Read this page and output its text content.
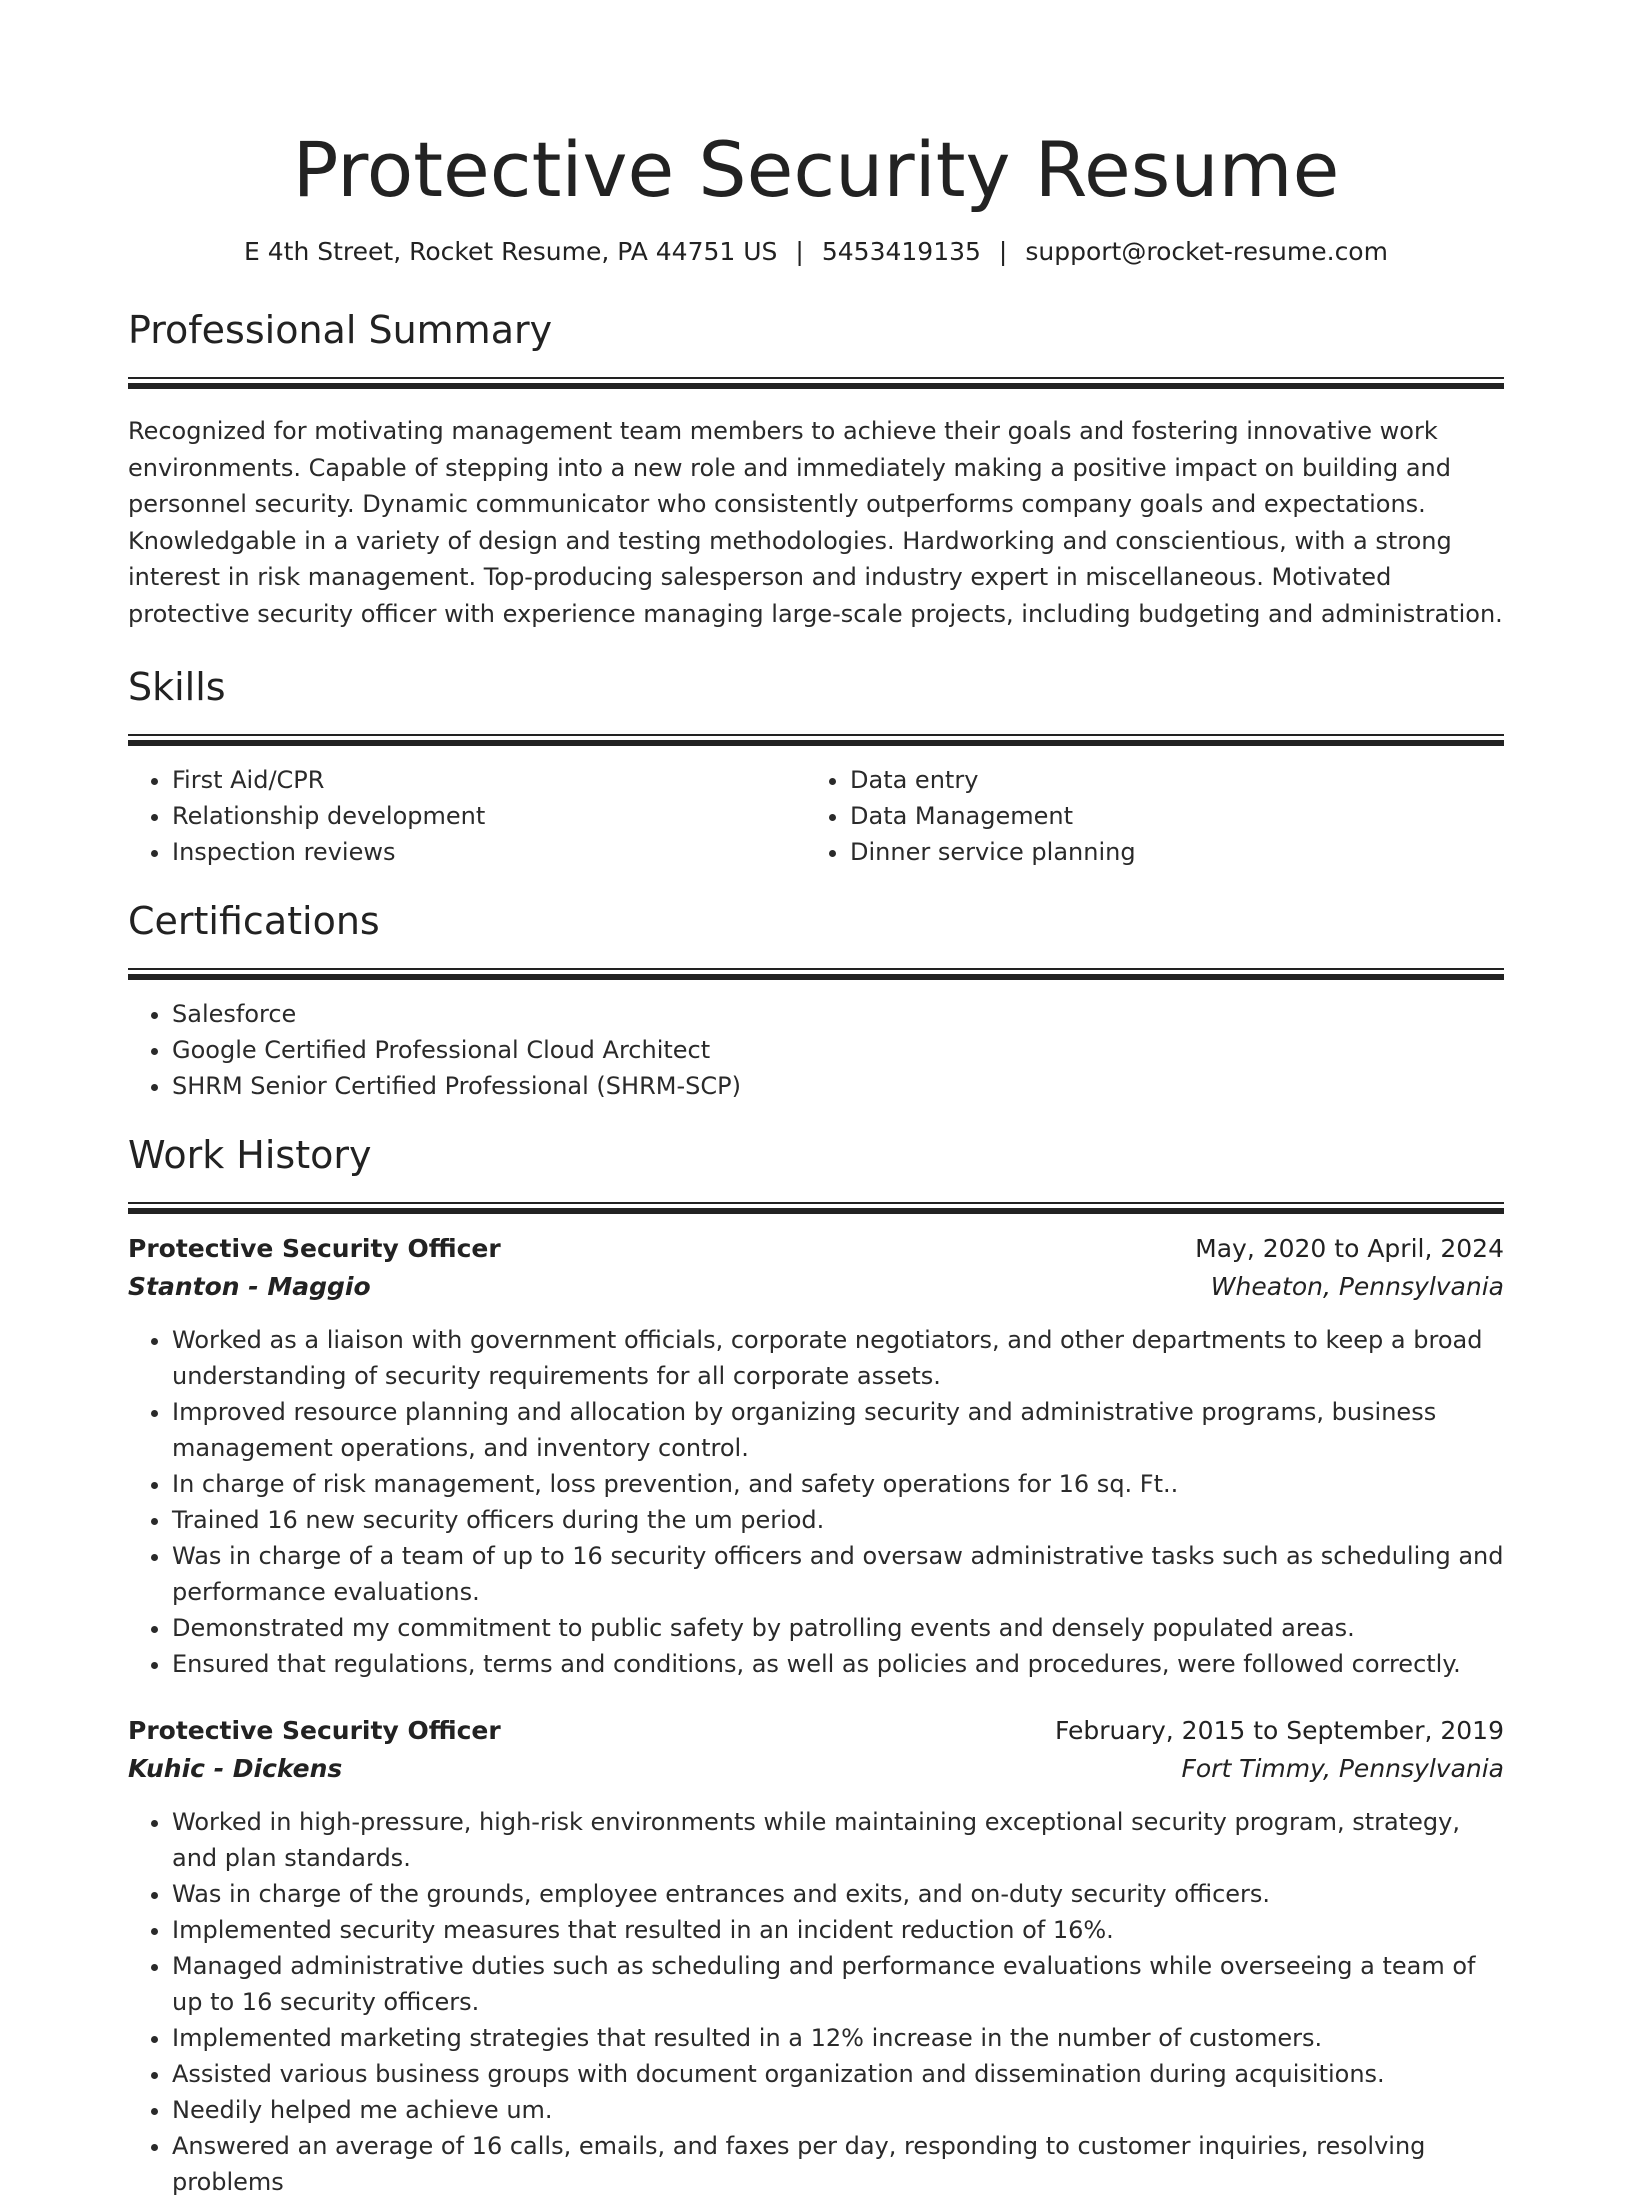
Protective Security Resume
E 4th Street, Rocket Resume, PA 44751 US | 5453419135 | support@rocket-resume.com
Professional Summary

Recognized for motivating management team members to achieve their goals and fostering innovative work environments. Capable of stepping into a new role and immediately making a positive impact on building and personnel security. Dynamic communicator who consistently outperforms company goals and expectations. Knowledgable in a variety of design and testing methodologies. Hardworking and conscientious, with a strong interest in risk management. Top-producing salesperson and industry expert in miscellaneous. Motivated protective security officer with experience managing large-scale projects, including budgeting and administration.

Skills
• First Aid/CPR
• Relationship development
• Inspection reviews
• Data entry
• Data Management
• Dinner service planning
Certifications
• Salesforce
• Google Certified Professional Cloud Architect
• SHRM Senior Certified Professional (SHRM-SCP)
Work History
Protective Security Officer	May, 2020 to April, 2024
Stanton - Maggio	Wheaton, Pennsylvania
• Worked as a liaison with government officials, corporate negotiators, and other departments to keep a broad understanding of security requirements for all corporate assets.
• Improved resource planning and allocation by organizing security and administrative programs, business management operations, and inventory control.
• In charge of risk management, loss prevention, and safety operations for 16 sq. Ft..
• Trained 16 new security officers during the um period.
• Was in charge of a team of up to 16 security officers and oversaw administrative tasks such as scheduling and performance evaluations.
• Demonstrated my commitment to public safety by patrolling events and densely populated areas.
• Ensured that regulations, terms and conditions, as well as policies and procedures, were followed correctly.
Protective Security Officer	February, 2015 to September, 2019
Kuhic - Dickens	Fort Timmy, Pennsylvania
• Worked in high-pressure, high-risk environments while maintaining exceptional security program, strategy, and plan standards.
• Was in charge of the grounds, employee entrances and exits, and on-duty security officers.
• Implemented security measures that resulted in an incident reduction of 16%.
• Managed administrative duties such as scheduling and performance evaluations while overseeing a team of up to 16 security officers.
• Implemented marketing strategies that resulted in a 12% increase in the number of customers.
• Assisted various business groups with document organization and dissemination during acquisitions.
• Needily helped me achieve um.
• Answered an average of 16 calls, emails, and faxes per day, responding to customer inquiries, resolving problems
